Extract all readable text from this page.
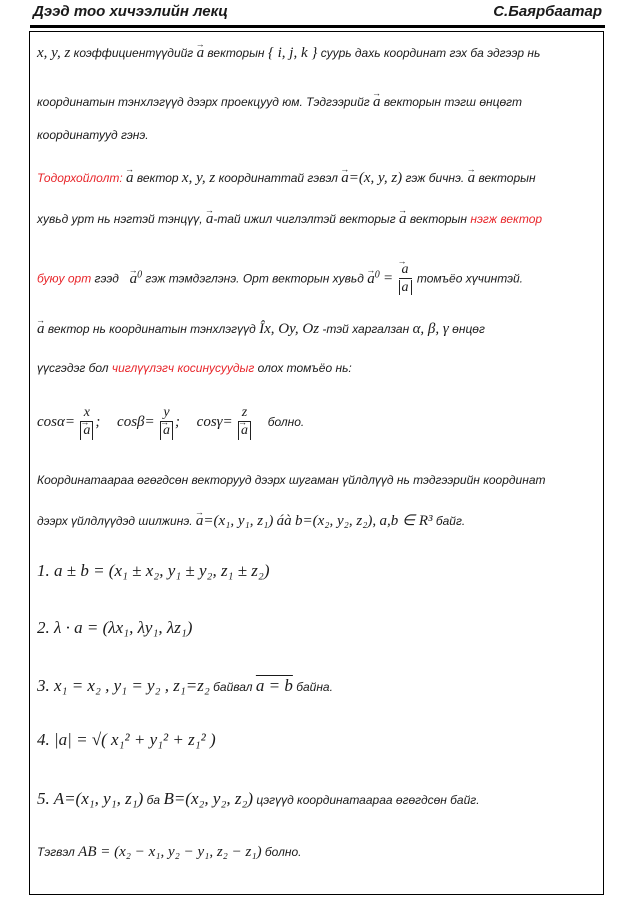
Дээд тоо хичээлийн лекц	С.Баярбаатар
x, y, z коэффициентүүдийг → a векторын { i, j, k } суурь дахь координат гэх ба эдгээр нь
координатын тэнхлэгүүд дээрх проекцууд юм. Тэдгээрийг → a векторын тэгш өнцөгт
координатууд гэнэ.
Тодорхойлолт: → a вектор x, y, z координаттай гэвэл → a=(x, y, z) гэж бичнэ. → a векторын
хувьд урт нь нэгтэй тэнцүү, → a-тай ижил чиглэлтэй векторыг → a векторын нэгж вектор
буюу орт гээд → $a^0$ гэж тэмдэглэнэ. Орт векторын хувьд → $a^0$ = → $\frac{a}{a}$ томъёо хүчинтэй.
→ a вектор нь координатын тэнхлэгүүд Îx, Oy, Oz -тэй харгалзан α, β, γ өнцөг
үүсгэдэг бол чиглүүлэгч косинусуудыг олох томъёо нь:
cosα= x
→ a ; cosβ= y
→ a ; cosγ= z
→ a болно.
Координатаараа өгөгдсөн векторууд дээрх шугаман үйлдлүүд нь тэдгээрийн координат
дээрх үйлдлүүдэд шилжинэ. → a=(x₁, y₁, z₁) áà b=(x₂, y₂, z₂), a,b ∈ R³ байг.
1. a ± b = (x₁ ± x₂, y₁ ± y₂, z₁ ± z₂)
2. λ · a = (λx₁, λy₁, λz₁)
3. x₁ = x₂ , y₁ = y₂ , z₁=z₂ байвал a = b байна.
4. |a| = √( x₁² + y₁² + z₁² )
5. A=(x₁, y₁, z₁) ба B=(x₂, y₂, z₂) цэгүүд координатаараа өгөгдсөн байг.
Тэгвэл AB = (x₂ − x₁, y₂ − y₁, z₂ − z₁) болно.
